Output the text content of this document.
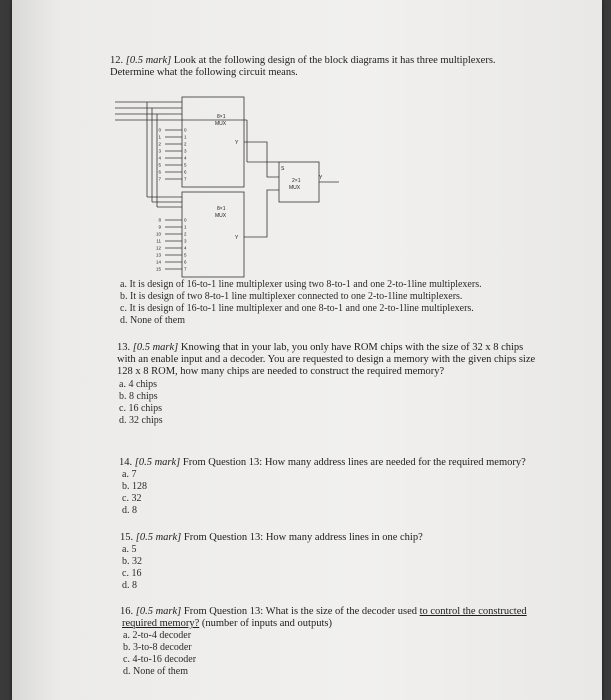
12. [0.5 mark] Look at the following design of the block diagrams it has three multiplexers.
Determine what the following circuit means.
8×1
MUX
8×1
MUX
2×1
MUX
Y
Y
Y
S
0	0
1	1
2	2
3	3
4	4
5	5
6	6
7	7
8	0
9	1
10	2
11	3
12	4
13	5
14	6
15	7
a. It is design of 16-to-1 line multiplexer using two 8-to-1 and one 2-to-1line multiplexers.
b. It is design of two 8-to-1 line multiplexer connected to one 2-to-1line multiplexers.
c. It is design of 16-to-1 line multiplexer and one 8-to-1 and one 2-to-1line multiplexers.
d. None of them
13. [0.5 mark] Knowing that in your lab, you only have ROM chips with the size of 32 x 8 chips
with an enable input and a decoder. You are requested to design a memory with the given chips size
128 x 8 ROM, how many chips are needed to construct the required memory?
a. 4 chips
b. 8 chips
c. 16 chips
d. 32 chips
14. [0.5 mark] From Question 13: How many address lines are needed for the required memory?
a. 7
b. 128
c. 32
d. 8
15. [0.5 mark] From Question 13: How many address lines in one chip?
a. 5
b. 32
c. 16
d. 8
16. [0.5 mark] From Question 13: What is the size of the decoder used to control the constructed
required memory? (number of inputs and outputs)
a. 2-to-4 decoder
b. 3-to-8 decoder
c. 4-to-16 decoder
d. None of them
